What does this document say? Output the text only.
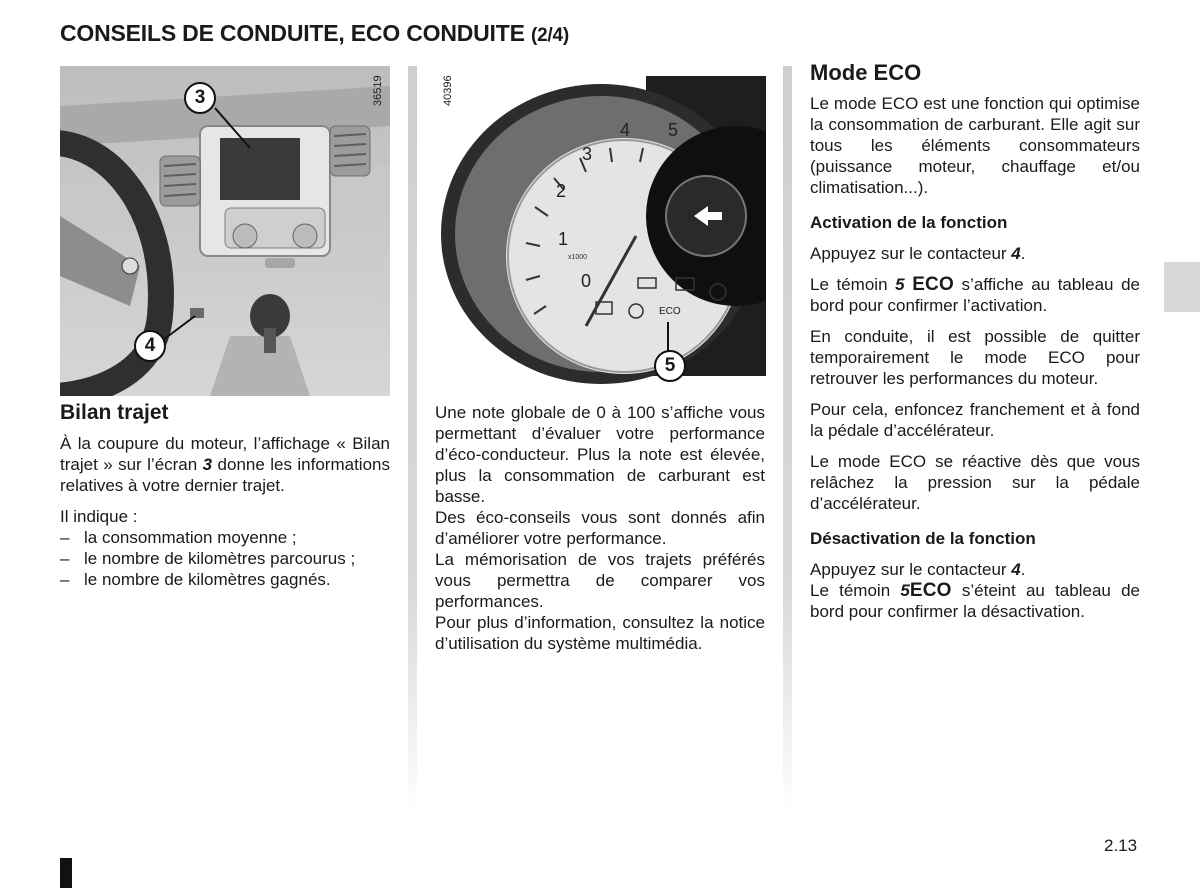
CONSEILS DE CONDUITE, ECO CONDUITE (2/4)
3
4
36519
0
1
2
3
4 5
x1000
ECO
5
40396
Bilan trajet

À la coupure du moteur, l’affichage « Bilan trajet » sur l’écran 3 donne les informations relatives à votre dernier trajet.

Il indique :

– la consommation moyenne ;
– le nombre de kilomètres parcourus ;
– le nombre de kilomètres gagnés.

Une note globale de 0 à 100 s’affiche vous permettant d’évaluer votre performance d’éco-conducteur. Plus la note est élevée, plus la consommation de carburant est basse.

Des éco-conseils vous sont donnés afin d’améliorer votre performance.

La mémorisation de vos trajets préférés vous permettra de comparer vos performances.

Pour plus d’information, consultez la notice d’utilisation du système multimédia.

Mode ECO

Le mode ECO est une fonction qui optimise la consommation de carburant. Elle agit sur tous les éléments consommateurs (puissance moteur, chauffage et/ou climatisation...).

Activation de la fonction

Appuyez sur le contacteur 4.

Le témoin 5 ECO s’affiche au tableau de bord pour confirmer l’activation.

En conduite, il est possible de quitter temporairement le mode ECO pour retrouver les performances du moteur.

Pour cela, enfoncez franchement et à fond la pédale d’accélérateur.

Le mode ECO se réactive dès que vous relâchez la pression sur la pédale d’accélérateur.

Désactivation de la fonction

Appuyez sur le contacteur 4.

Le témoin 5ECO s’éteint au tableau de bord pour confirmer la désactivation.

2.13
